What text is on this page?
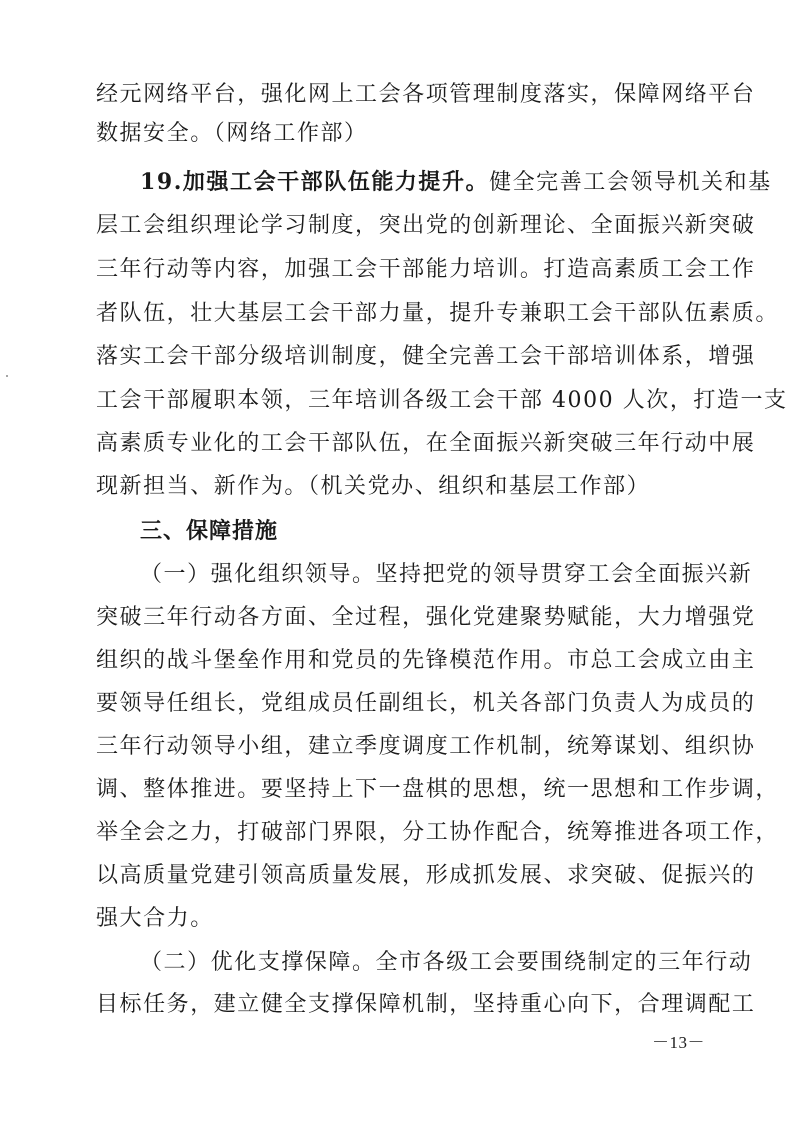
经元网络平台，强化网上工会各项管理制度落实，保障网络平台
数据安全。（网络工作部）
19.加强工会干部队伍能力提升。健全完善工会领导机关和基
层工会组织理论学习制度，突出党的创新理论、全面振兴新突破
三年行动等内容，加强工会干部能力培训。打造高素质工会工作
者队伍，壮大基层工会干部力量，提升专兼职工会干部队伍素质。
落实工会干部分级培训制度，健全完善工会干部培训体系，增强
工会干部履职本领，三年培训各级工会干部 4000 人次，打造一支
高素质专业化的工会干部队伍，在全面振兴新突破三年行动中展
现新担当、新作为。（机关党办、组织和基层工作部）
三、保障措施
（一）强化组织领导。坚持把党的领导贯穿工会全面振兴新
突破三年行动各方面、全过程，强化党建聚势赋能，大力增强党
组织的战斗堡垒作用和党员的先锋模范作用。市总工会成立由主
要领导任组长，党组成员任副组长，机关各部门负责人为成员的
三年行动领导小组，建立季度调度工作机制，统筹谋划、组织协
调、整体推进。要坚持上下一盘棋的思想，统一思想和工作步调，
举全会之力，打破部门界限，分工协作配合，统筹推进各项工作，
以高质量党建引领高质量发展，形成抓发展、求突破、促振兴的
强大合力。
（二）优化支撑保障。全市各级工会要围绕制定的三年行动
目标任务，建立健全支撑保障机制，坚持重心向下，合理调配工
－13－
